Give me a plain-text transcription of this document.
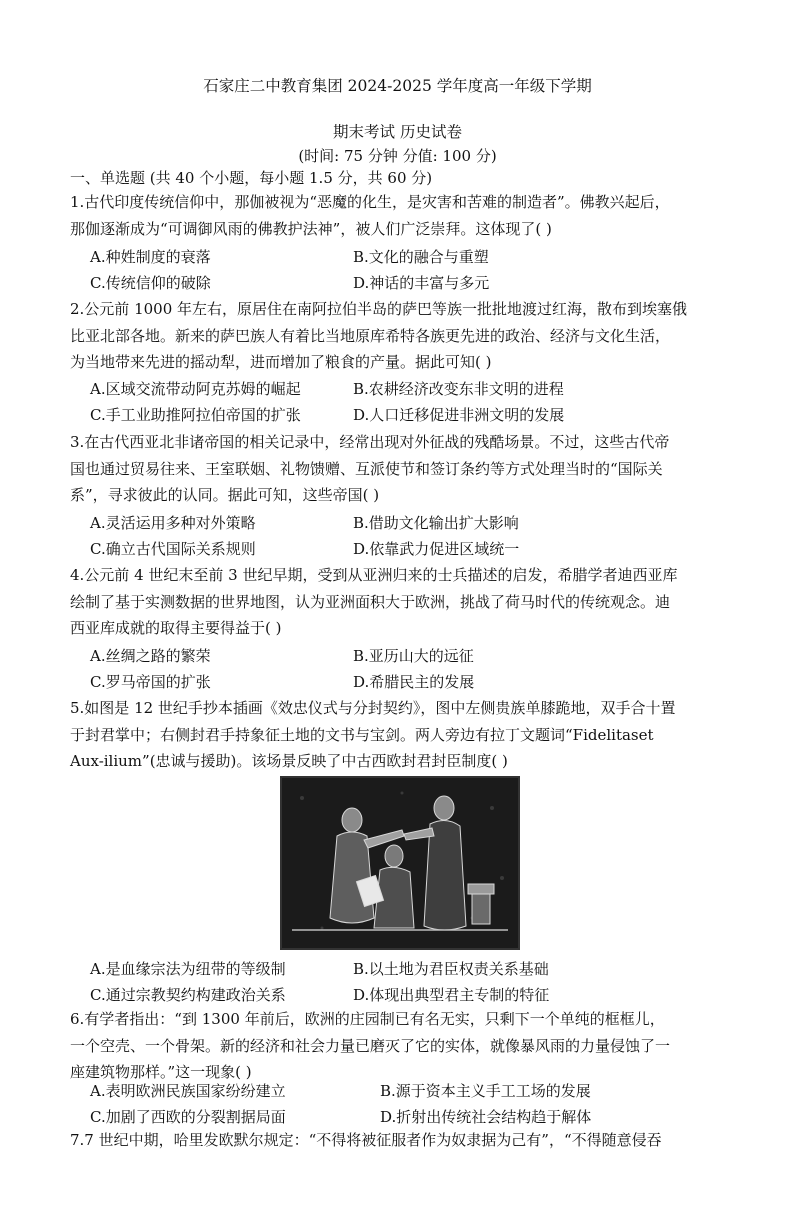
石家庄二中教育集团 2024-2025 学年度高一年级下学期
期末考试 历史试卷
(时间: 75 分钟 分值: 100 分)
一、单选题 (共 40 个小题，每小题 1.5 分，共 60 分)
1.古代印度传统信仰中，那伽被视为“恶魔的化生，是灾害和苦难的制造者”。佛教兴起后，
那伽逐渐成为“可调御风雨的佛教护法神”，被人们广泛崇拜。这体现了( )
A.种姓制度的衰落	B.文化的融合与重塑
C.传统信仰的破除	D.神话的丰富与多元
2.公元前 1000 年左右，原居住在南阿拉伯半岛的萨巴等族一批批地渡过红海，散布到埃塞俄
比亚北部各地。新来的萨巴族人有着比当地原库希特各族更先进的政治、经济与文化生活，
为当地带来先进的摇动犁，进而增加了粮食的产量。据此可知( )
A.区域交流带动阿克苏姆的崛起	B.农耕经济改变东非文明的进程
C.手工业助推阿拉伯帝国的扩张	D.人口迁移促进非洲文明的发展
3.在古代西亚北非诸帝国的相关记录中，经常出现对外征战的残酷场景。不过，这些古代帝
国也通过贸易往来、王室联姻、礼物馈赠、互派使节和签订条约等方式处理当时的“国际关
系”，寻求彼此的认同。据此可知，这些帝国( )
A.灵活运用多种对外策略	B.借助文化输出扩大影响
C.确立古代国际关系规则	D.依靠武力促进区域统一
4.公元前 4 世纪末至前 3 世纪早期，受到从亚洲归来的士兵描述的启发，希腊学者迪西亚库
绘制了基于实测数据的世界地图，认为亚洲面积大于欧洲，挑战了荷马时代的传统观念。迪
西亚库成就的取得主要得益于( )
A.丝绸之路的繁荣	B.亚历山大的远征
C.罗马帝国的扩张	D.希腊民主的发展
5.如图是 12 世纪手抄本插画《效忠仪式与分封契约》，图中左侧贵族单膝跪地，双手合十置
于封君掌中；右侧封君手持象征土地的文书与宝剑。两人旁边有拉丁文题词“Fidelitaset
Aux-ilium”(忠诚与援助)。该场景反映了中古西欧封君封臣制度( )
A.是血缘宗法为纽带的等级制	B.以土地为君臣权责关系基础
C.通过宗教契约构建政治关系	D.体现出典型君主专制的特征
6.有学者指出：“到 1300 年前后，欧洲的庄园制已有名无实，只剩下一个单纯的框框儿，
一个空壳、一个骨架。新的经济和社会力量已磨灭了它的实体，就像暴风雨的力量侵蚀了一
座建筑物那样。”这一现象( )
A.表明欧洲民族国家纷纷建立	B.源于资本主义手工工场的发展
C.加剧了西欧的分裂割据局面	D.折射出传统社会结构趋于解体
7.7 世纪中期，哈里发欧默尔规定：“不得将被征服者作为奴隶据为己有”，“不得随意侵吞
